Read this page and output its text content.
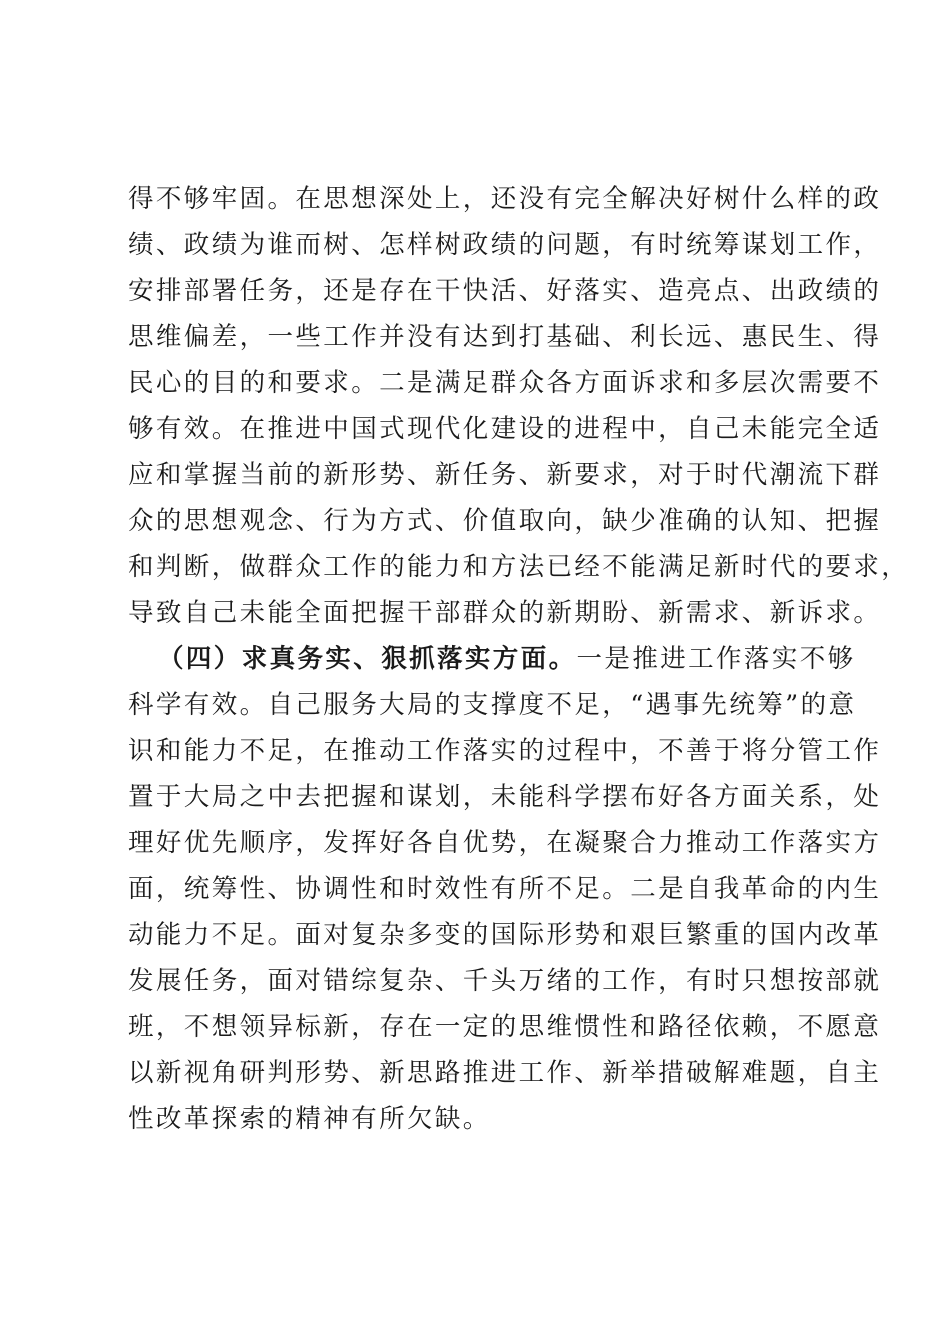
得不够牢固。在思想深处上，还没有完全解决好树什么样的政
绩、政绩为谁而树、怎样树政绩的问题，有时统筹谋划工作，
安排部署任务，还是存在干快活、好落实、造亮点、出政绩的
思维偏差，一些工作并没有达到打基础、利长远、惠民生、得
民心的目的和要求。二是满足群众各方面诉求和多层次需要不
够有效。在推进中国式现代化建设的进程中，自己未能完全适
应和掌握当前的新形势、新任务、新要求，对于时代潮流下群
众的思想观念、行为方式、价值取向，缺少准确的认知、把握
和判断，做群众工作的能力和方法已经不能满足新时代的要求，
导致自己未能全面把握干部群众的新期盼、新需求、新诉求。
（四）求真务实、狠抓落实方面。一是推进工作落实不够
科学有效。自己服务大局的支撑度不足，“遇事先统筹”的意
识和能力不足，在推动工作落实的过程中，不善于将分管工作
置于大局之中去把握和谋划，未能科学摆布好各方面关系，处
理好优先顺序，发挥好各自优势，在凝聚合力推动工作落实方
面，统筹性、协调性和时效性有所不足。二是自我革命的内生
动能力不足。面对复杂多变的国际形势和艰巨繁重的国内改革
发展任务，面对错综复杂、千头万绪的工作，有时只想按部就
班，不想领异标新，存在一定的思维惯性和路径依赖，不愿意
以新视角研判形势、新思路推进工作、新举措破解难题，自主
性改革探索的精神有所欠缺。
